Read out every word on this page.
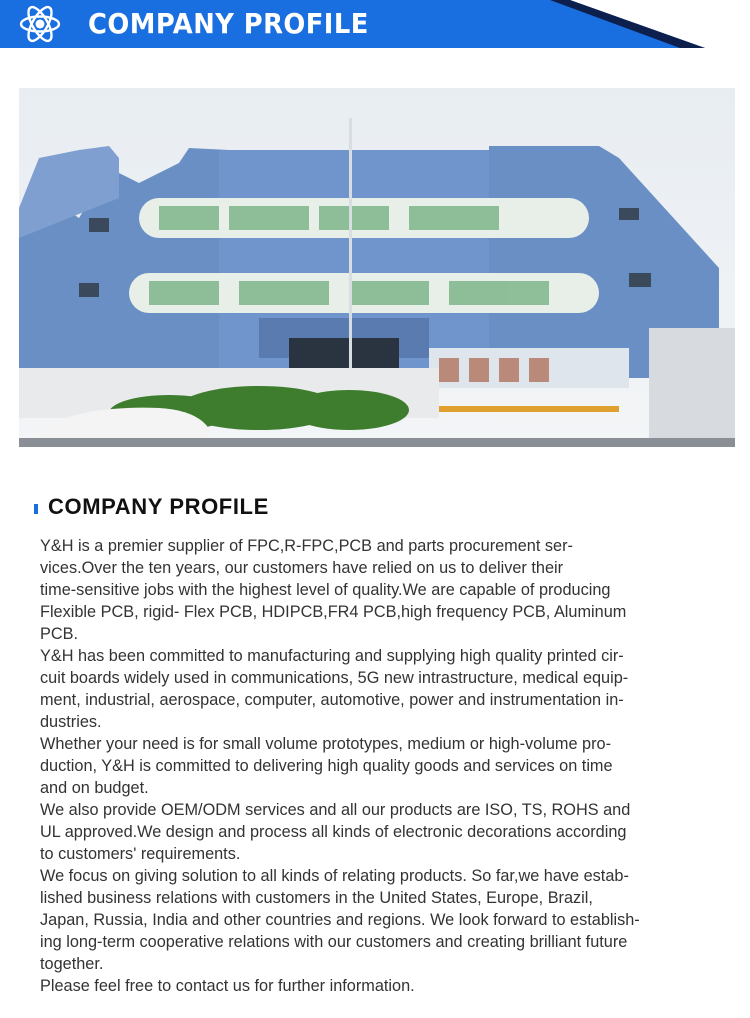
COMPANY PROFILE
COMPANY PROFILE

Y&H is a premier supplier of FPC,R-FPC,PCB and parts procurement ser-

vices.Over the ten years, our customers have relied on us to deliver their

time-sensitive jobs with the highest level of quality.We are capable of producing

Flexible PCB, rigid- Flex PCB, HDIPCB,FR4 PCB,high frequency PCB, Aluminum

PCB.

Y&H has been committed to manufacturing and supplying high quality printed cir-

cuit boards widely used in communications, 5G new intrastructure, medical equip-

ment, industrial, aerospace, computer, automotive, power and instrumentation in-

dustries.

Whether your need is for small volume prototypes, medium or high-volume pro-

duction, Y&H is committed to delivering high quality goods and services on time

and on budget.

We also provide OEM/ODM services and all our products are ISO, TS, ROHS and

UL approved.We design and process all kinds of electronic decorations according

to customers' requirements.

We focus on giving solution to all kinds of relating products. So far,we have estab-

lished business relations with customers in the United States, Europe, Brazil,

Japan, Russia, India and other countries and regions. We look forward to establish-

ing long-term cooperative relations with our customers and creating brilliant future

together.

Please feel free to contact us for further information.
